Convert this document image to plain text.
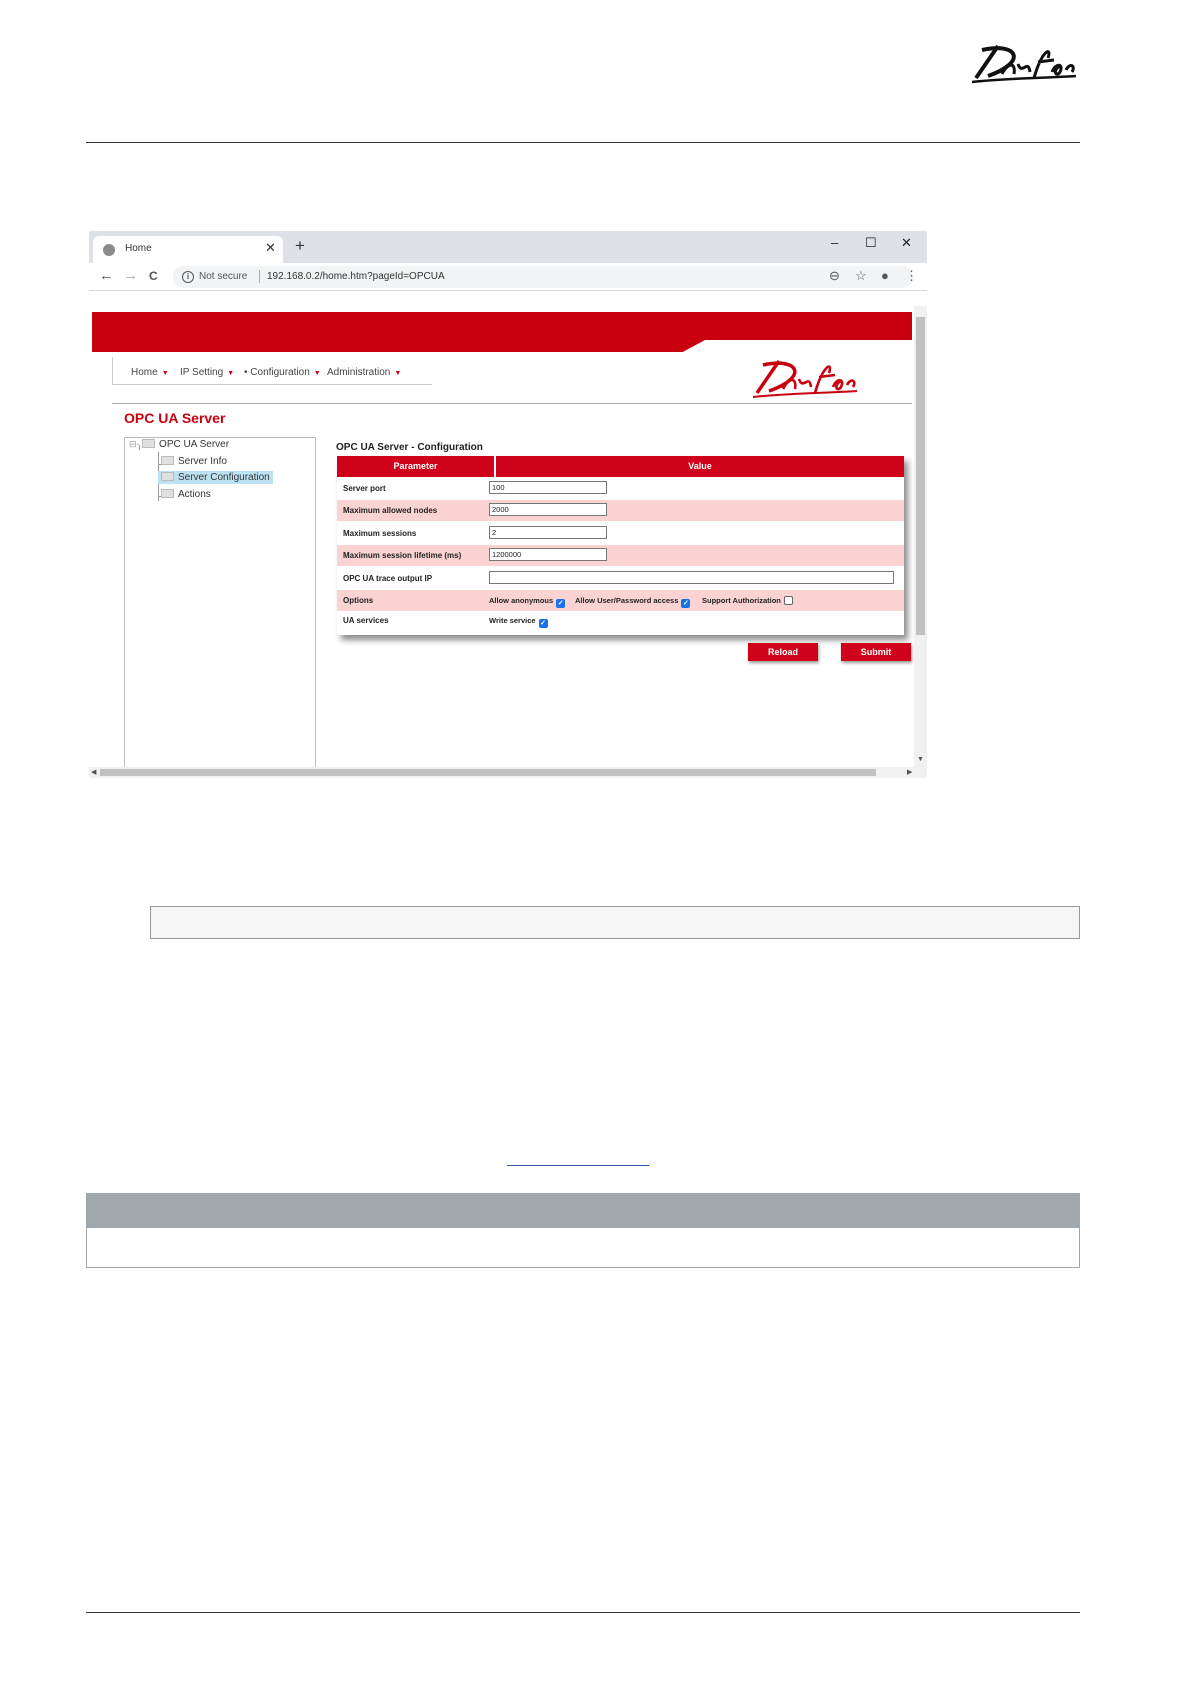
Home	✕ +	– ☐ ✕
← → C	i Not secure 192.168.0.2/home.htm?pageId=OPCUA	⊖ ☆ ● ⋮
Home ▼ IP Setting ▼ • Configuration ▼ Administration ▼
OPC UA Server
⊟- OPC UA Server
Server Info
Server Configuration
Actions
OPC UA Server - Configuration
Parameter	Value
Server port	100
Maximum allowed nodes	2000
Maximum sessions	2
Maximum session lifetime (ms)	1200000
OPC UA trace output IP
Options	Allow anonymous ✓ Allow User/Password access ✓ Support Authorization
UA services	Write service ✓
Reload	Submit
▼
◀	▶
